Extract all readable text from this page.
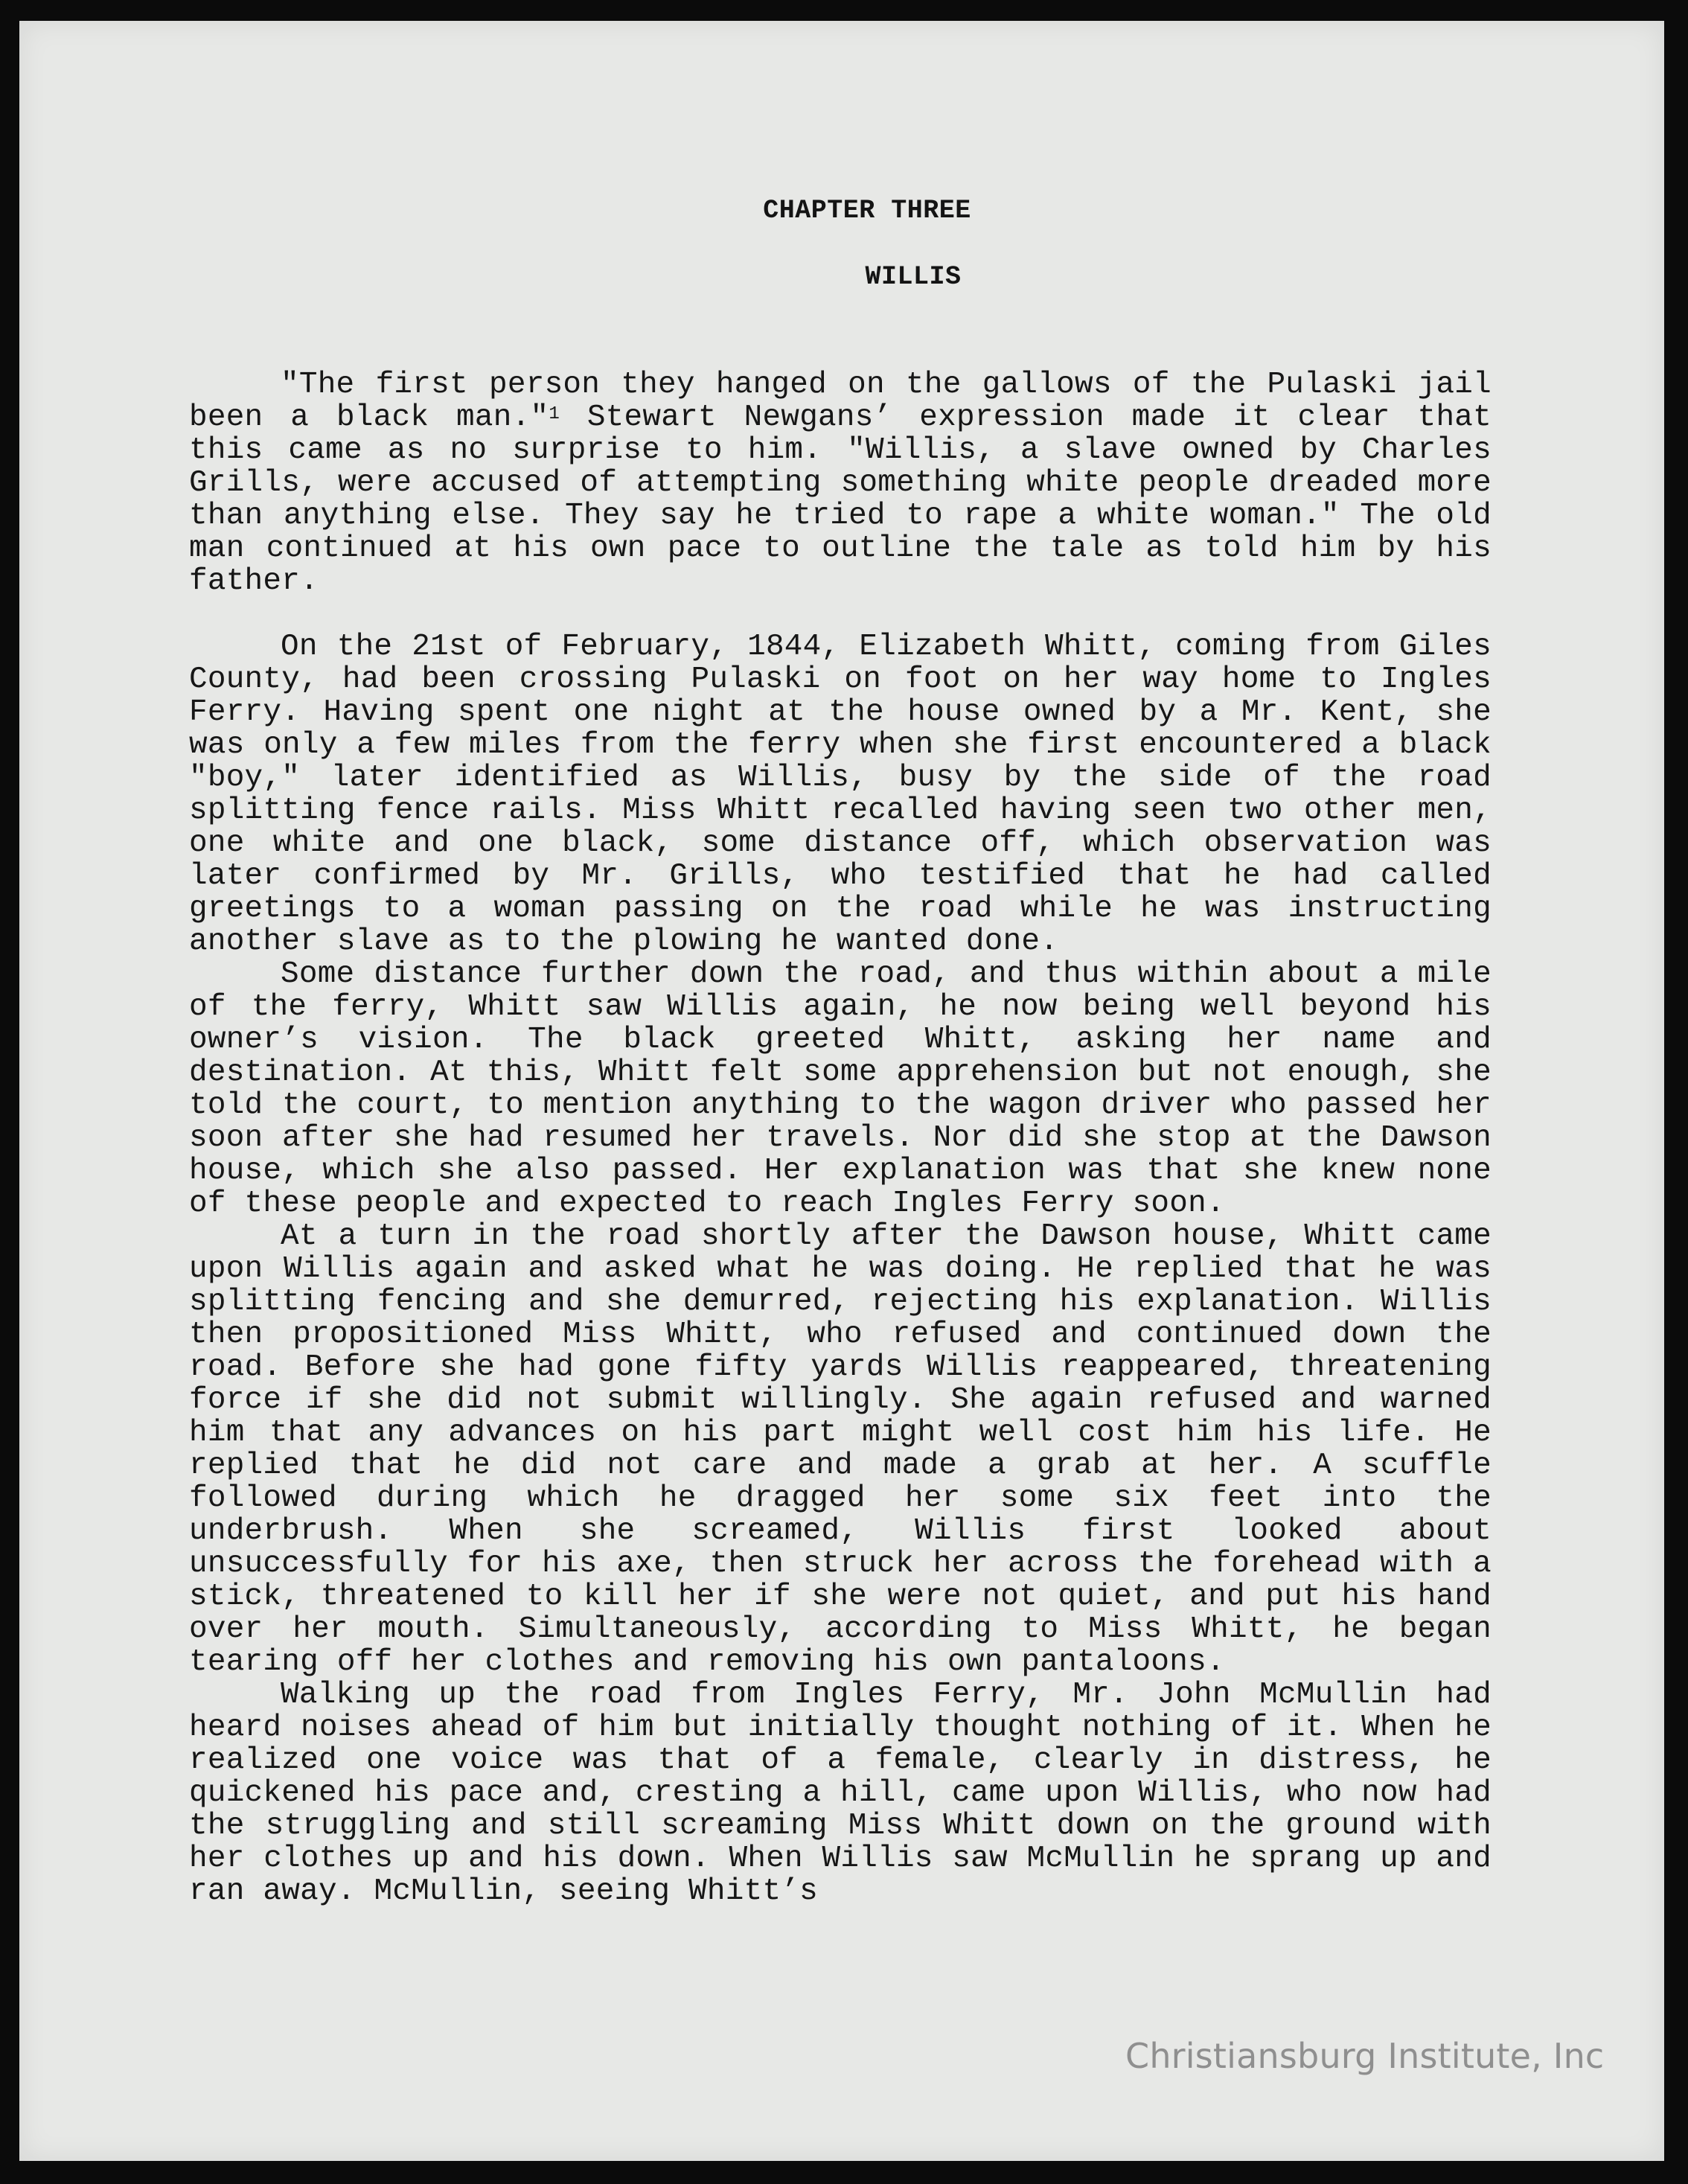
CHAPTER THREE
WILLIS

"The first person they hanged on the gallows of the Pulaski jail been a black man."$^1$ Stewart Newgans’ expression made it clear that this came as no surprise to him. "Willis, a slave owned by Charles Grills, were accused of attempting something white people dreaded more than anything else. They say he tried to rape a white woman." The old man continued at his own pace to outline the tale as told him by his father.

On the 21st of February, 1844, Elizabeth Whitt, coming from Giles County, had been crossing Pulaski on foot on her way home to Ingles Ferry. Having spent one night at the house owned by a Mr. Kent, she was only a few miles from the ferry when she first encountered a black "boy," later identified as Willis, busy by the side of the road splitting fence rails. Miss Whitt recalled having seen two other men, one white and one black, some distance off, which observation was later confirmed by Mr. Grills, who testified that he had called greetings to a woman passing on the road while he was instructing another slave as to the plowing he wanted done.

Some distance further down the road, and thus within about a mile of the ferry, Whitt saw Willis again, he now being well beyond his owner’s vision. The black greeted Whitt, asking her name and destination. At this, Whitt felt some apprehension but not enough, she told the court, to mention anything to the wagon driver who passed her soon after she had resumed her travels. Nor did she stop at the Dawson house, which she also passed. Her explanation was that she knew none of these people and expected to reach Ingles Ferry soon.

At a turn in the road shortly after the Dawson house, Whitt came upon Willis again and asked what he was doing. He replied that he was splitting fencing and she demurred, rejecting his explanation. Willis then propositioned Miss Whitt, who refused and continued down the road. Before she had gone fifty yards Willis reappeared, threatening force if she did not submit willingly. She again refused and warned him that any advances on his part might well cost him his life. He replied that he did not care and made a grab at her. A scuffle followed during which he dragged her some six feet into the underbrush. When she screamed, Willis first looked about unsuccessfully for his axe, then struck her across the forehead with a stick, threatened to kill her if she were not quiet, and put his hand over her mouth. Simultaneously, according to Miss Whitt, he began tearing off her clothes and removing his own pantaloons.

Walking up the road from Ingles Ferry, Mr. John McMullin had heard noises ahead of him but initially thought nothing of it. When he realized one voice was that of a female, clearly in distress, he quickened his pace and, cresting a hill, came upon Willis, who now had the struggling and still screaming Miss Whitt down on the ground with her clothes up and his down. When Willis saw McMullin he sprang up and ran away. McMullin, seeing Whitt’s

Christiansburg Institute, Inc
